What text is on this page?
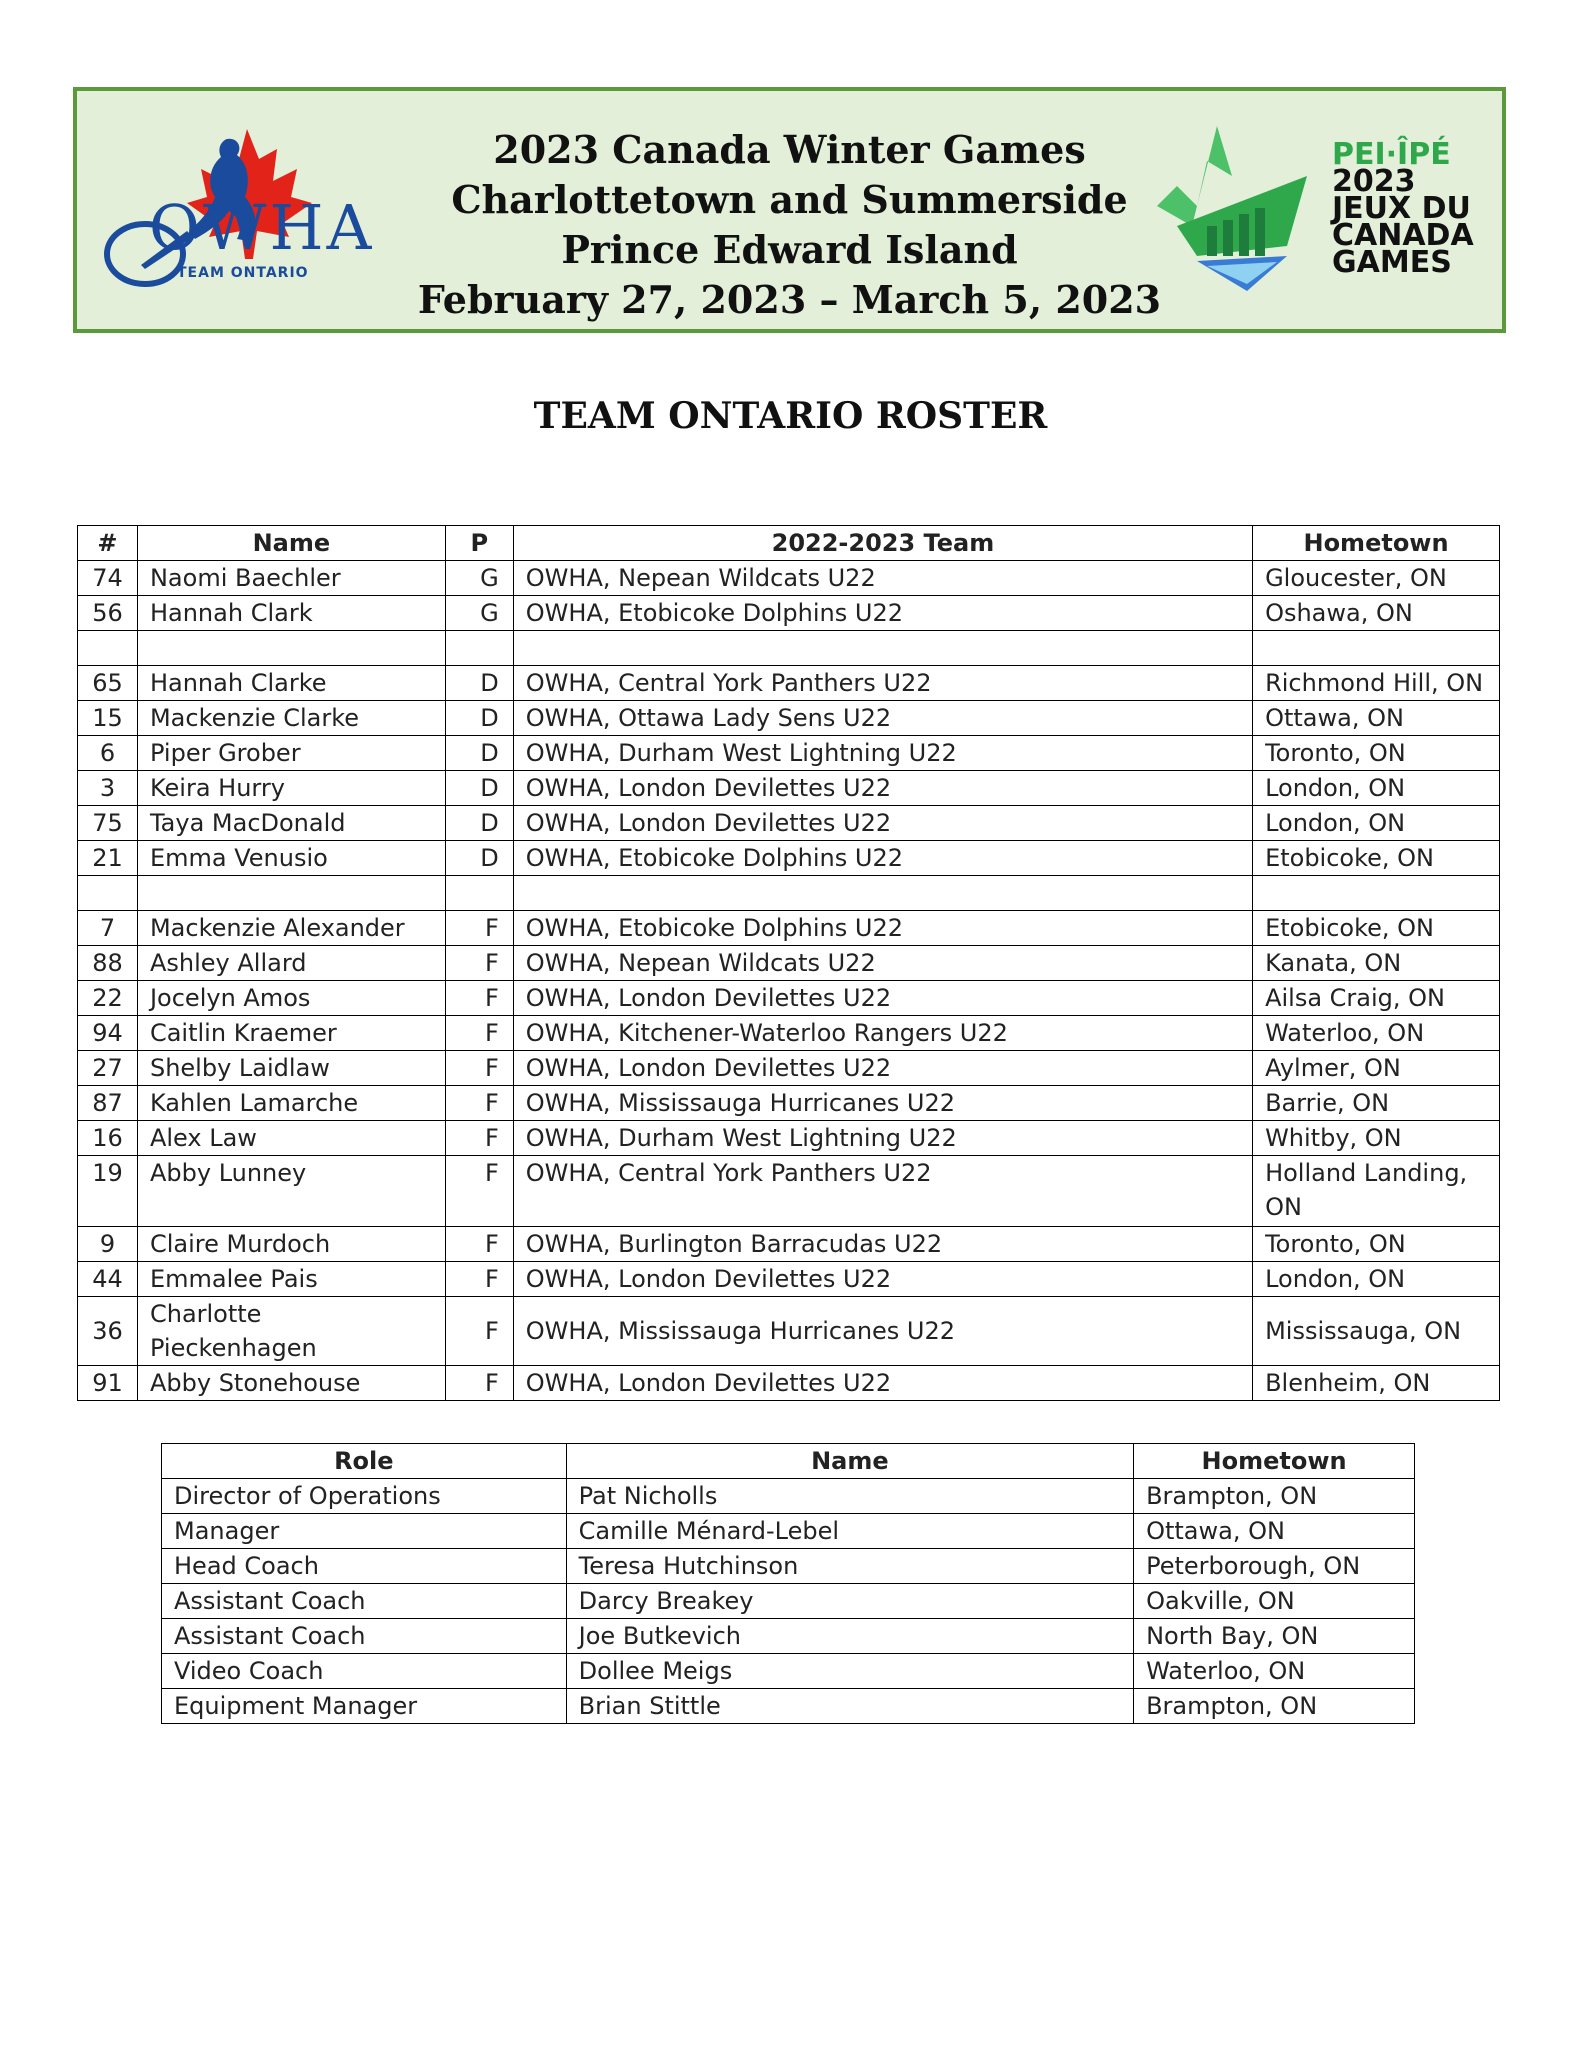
OWHA
TEAM ONTARIO
2023 Canada Winter Games
Charlottetown and Summerside
Prince Edward Island
February 27, 2023 – March 5, 2023
PEI·ÎPÉ
2023
JEUX DU
CANADA
GAMES
TEAM ONTARIO ROSTER
#	Name	P	2022-2023 Team	Hometown
74	Naomi Baechler	G	OWHA, Nepean Wildcats U22	Gloucester, ON
56	Hannah Clark	G	OWHA, Etobicoke Dolphins U22	Oshawa, ON

65	Hannah Clarke	D	OWHA, Central York Panthers U22	Richmond Hill, ON
15	Mackenzie Clarke	D	OWHA, Ottawa Lady Sens U22	Ottawa, ON
6	Piper Grober	D	OWHA, Durham West Lightning U22	Toronto, ON
3	Keira Hurry	D	OWHA, London Devilettes U22	London, ON
75	Taya MacDonald	D	OWHA, London Devilettes U22	London, ON
21	Emma Venusio	D	OWHA, Etobicoke Dolphins U22	Etobicoke, ON

7	Mackenzie Alexander	F	OWHA, Etobicoke Dolphins U22	Etobicoke, ON
88	Ashley Allard	F	OWHA, Nepean Wildcats U22	Kanata, ON
22	Jocelyn Amos	F	OWHA, London Devilettes U22	Ailsa Craig, ON
94	Caitlin Kraemer	F	OWHA, Kitchener-Waterloo Rangers U22	Waterloo, ON
27	Shelby Laidlaw	F	OWHA, London Devilettes U22	Aylmer, ON
87	Kahlen Lamarche	F	OWHA, Mississauga Hurricanes U22	Barrie, ON
16	Alex Law	F	OWHA, Durham West Lightning U22	Whitby, ON
19	Abby Lunney	F	OWHA, Central York Panthers U22	Holland Landing, ON
9	Claire Murdoch	F	OWHA, Burlington Barracudas U22	Toronto, ON
44	Emmalee Pais	F	OWHA, London Devilettes U22	London, ON
36	Charlotte Pieckenhagen	F	OWHA, Mississauga Hurricanes U22	Mississauga, ON
91	Abby Stonehouse	F	OWHA, London Devilettes U22	Blenheim, ON
Role	Name	Hometown
Director of Operations	Pat Nicholls	Brampton, ON
Manager	Camille Ménard-Lebel	Ottawa, ON
Head Coach	Teresa Hutchinson	Peterborough, ON
Assistant Coach	Darcy Breakey	Oakville, ON
Assistant Coach	Joe Butkevich	North Bay, ON
Video Coach	Dollee Meigs	Waterloo, ON
Equipment Manager	Brian Stittle	Brampton, ON
